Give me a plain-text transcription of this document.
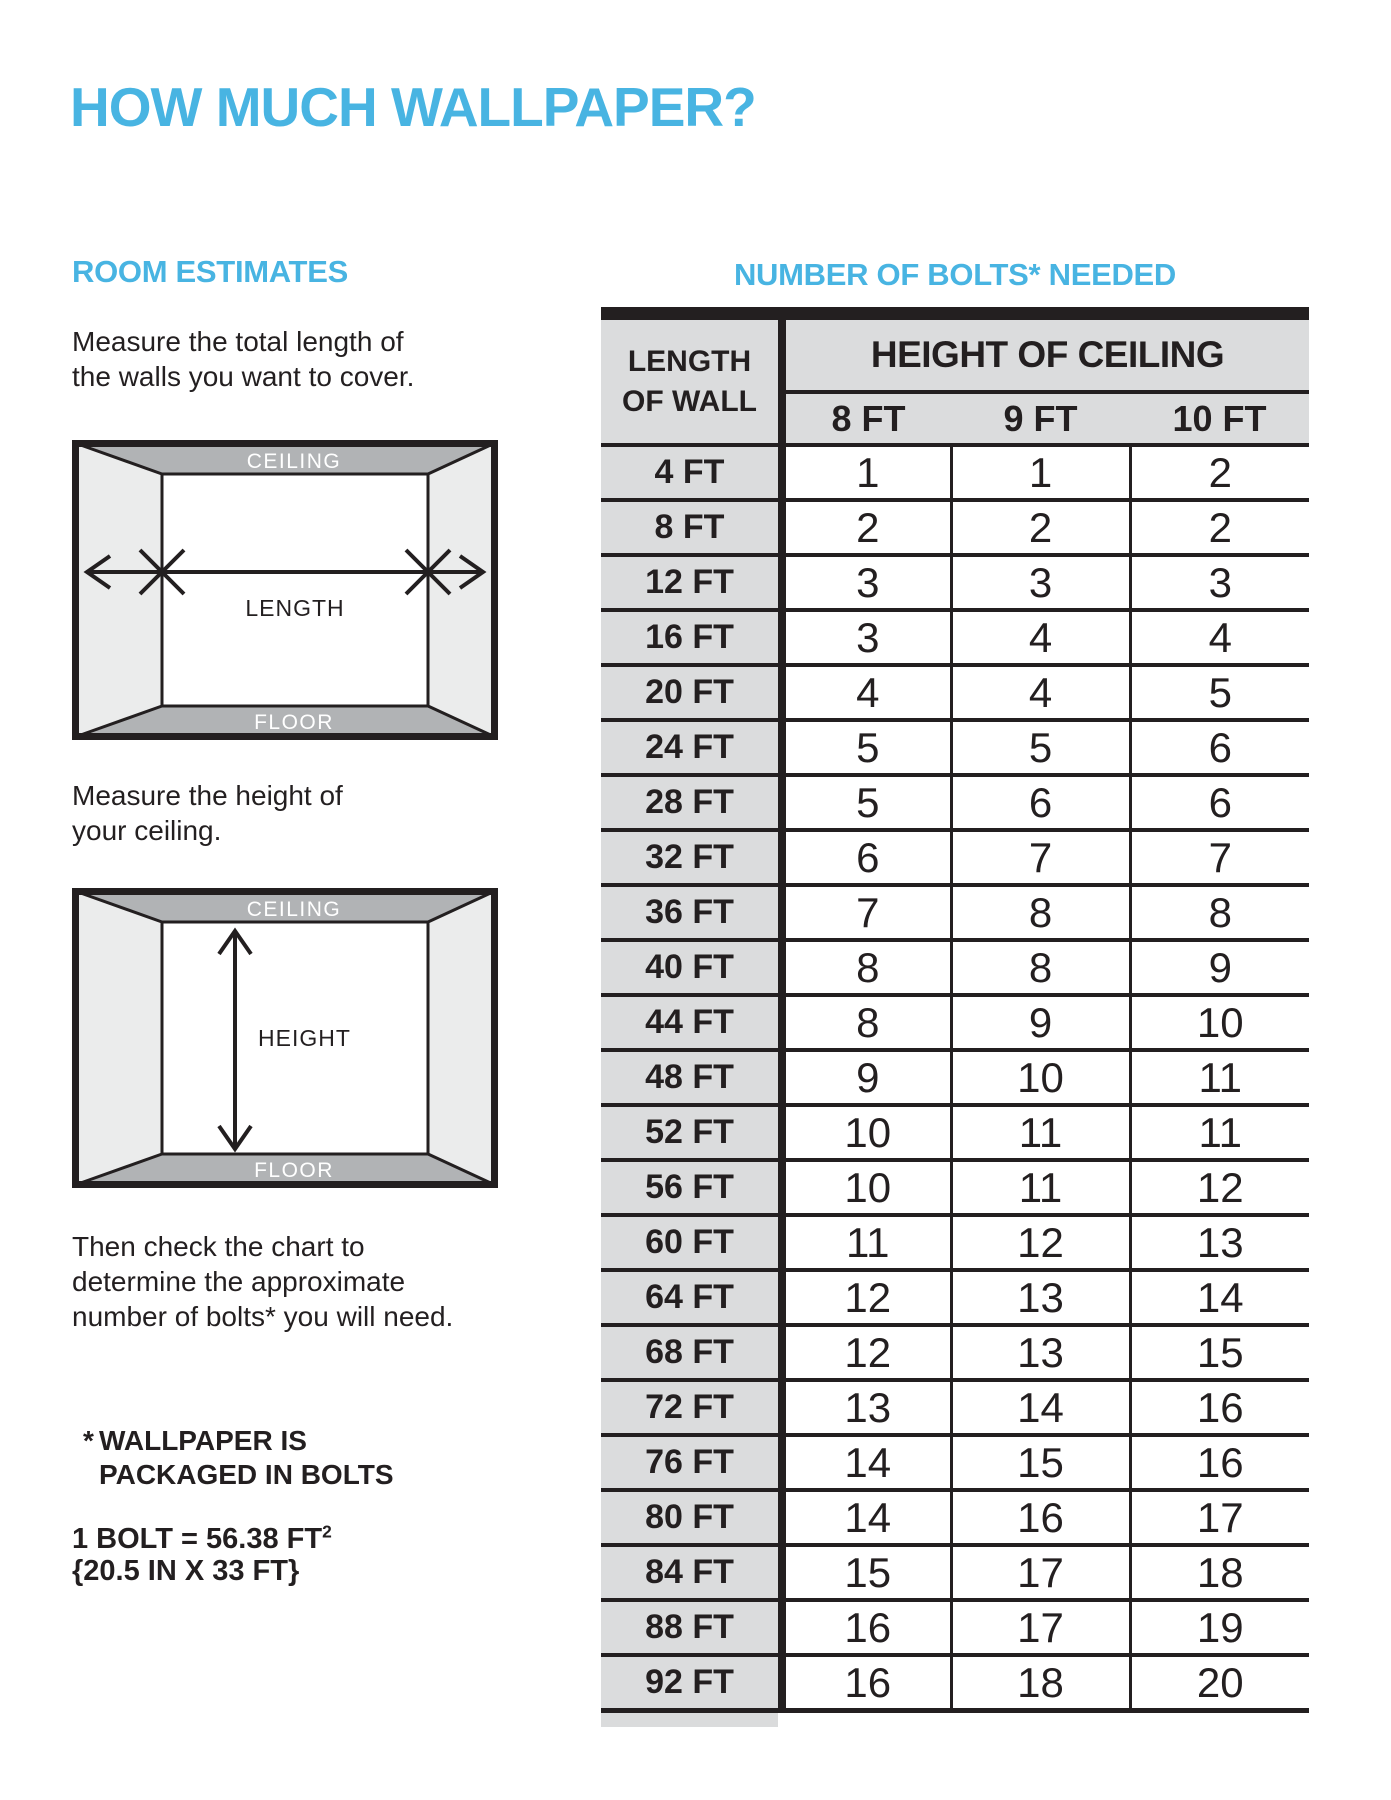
HOW MUCH WALLPAPER?
ROOM ESTIMATES	NUMBER OF BOLTS* NEEDED
Measure the total length of
the walls you want to cover.
CEILING
FLOOR
LENGTH
Measure the height of
your ceiling.
CEILING
FLOOR
HEIGHT
Then check the chart to
determine the approximate
number of bolts* you will need.
* WALLPAPER IS
PACKAGED IN BOLTS
1 BOLT = 56.38 $FT^2$
{20.5 IN X 33 FT}
LENGTH
OF WALL	HEIGHT OF CEILING		
	8 FT	9 FT	10 FT
4 FT	1	1	2
8 FT	2	2	2
12 FT	3	3	3
16 FT	3	4	4
20 FT	4	4	5
24 FT	5	5	6
28 FT	5	6	6
32 FT	6	7	7
36 FT	7	8	8
40 FT	8	8	9
44 FT	8	9	10
48 FT	9	10	11
52 FT	10	11	11
56 FT	10	11	12
60 FT	11	12	13
64 FT	12	13	14
68 FT	12	13	15
72 FT	13	14	16
76 FT	14	15	16
80 FT	14	16	17
84 FT	15	17	18
88 FT	16	17	19
92 FT	16	18	20
